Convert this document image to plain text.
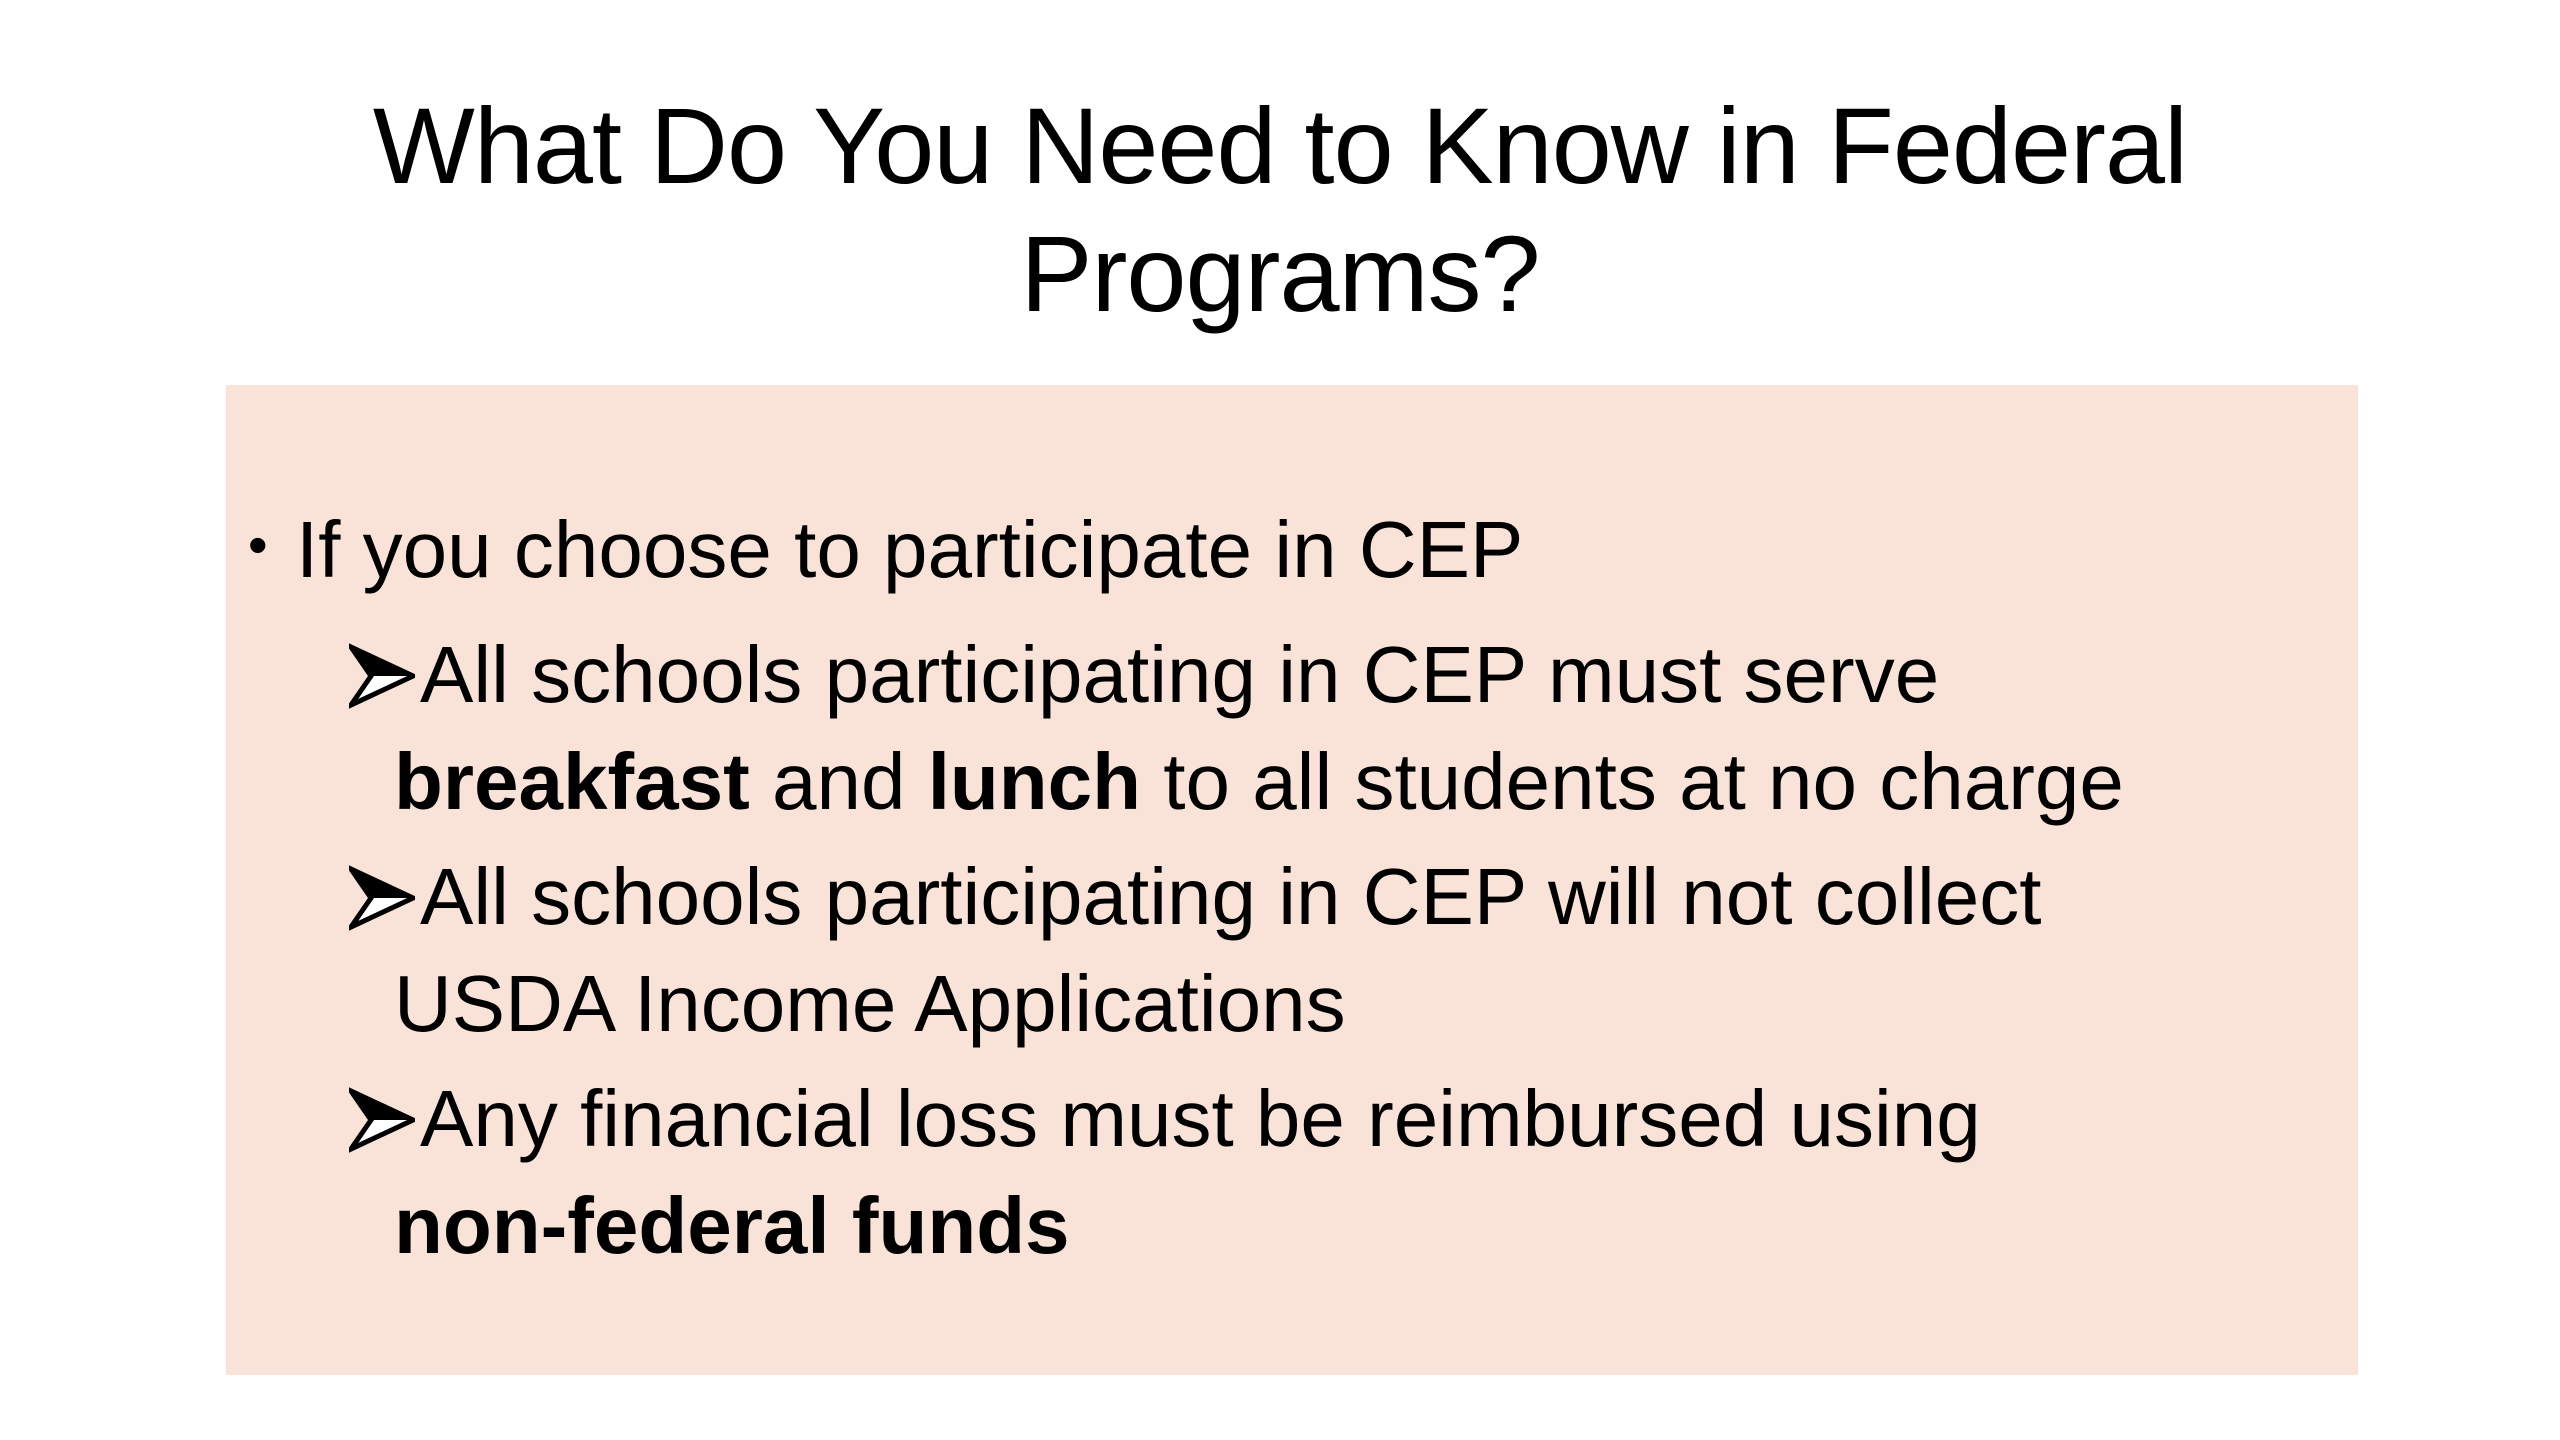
What Do You Need to Know in Federal
Programs?
• If you choose to participate in CEP
All schools participating in CEP must serve
breakfast and lunch to all students at no charge
All schools participating in CEP will not collect
USDA Income Applications
Any financial loss must be reimbursed using
non-federal funds
